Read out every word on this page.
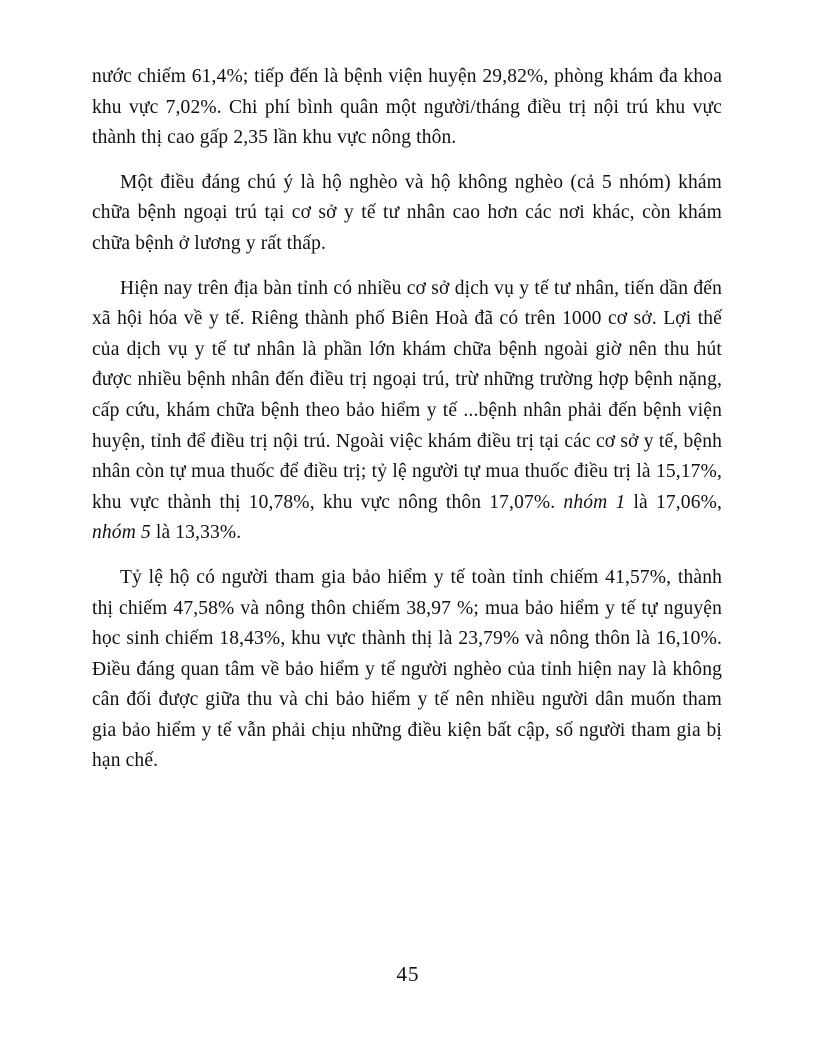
nước chiếm 61,4%; tiếp đến là bệnh viện huyện 29,82%, phòng khám đa khoa khu vực 7,02%. Chi phí bình quân một người/tháng điều trị nội trú khu vực thành thị cao gấp 2,35 lần khu vực nông thôn.

Một điều đáng chú ý là hộ nghèo và hộ không nghèo (cả 5 nhóm) khám chữa bệnh ngoại trú tại cơ sở y tế tư nhân cao hơn các nơi khác, còn khám chữa bệnh ở lương y rất thấp.

Hiện nay trên địa bàn tỉnh có nhiều cơ sở dịch vụ y tế tư nhân, tiến dần đến xã hội hóa về y tế. Riêng thành phố Biên Hoà đã có trên 1000 cơ sở. Lợi thế của dịch vụ y tế tư nhân là phần lớn khám chữa bệnh ngoài giờ nên thu hút được nhiều bệnh nhân đến điều trị ngoại trú, trừ những trường hợp bệnh nặng, cấp cứu, khám chữa bệnh theo bảo hiểm y tế ...bệnh nhân phải đến bệnh viện huyện, tỉnh để điều trị nội trú. Ngoài việc khám điều trị tại các cơ sở y tế, bệnh nhân còn tự mua thuốc để điều trị; tỷ lệ người tự mua thuốc điều trị là 15,17%, khu vực thành thị 10,78%, khu vực nông thôn 17,07%. nhóm 1 là 17,06%, nhóm 5 là 13,33%.

Tỷ lệ hộ có người tham gia bảo hiểm y tế toàn tỉnh chiếm 41,57%, thành thị chiếm 47,58% và nông thôn chiếm 38,97 %; mua bảo hiểm y tế tự nguyện học sinh chiếm 18,43%, khu vực thành thị là 23,79% và nông thôn là 16,10%. Điều đáng quan tâm về bảo hiểm y tế người nghèo của tỉnh hiện nay là không cân đối được giữa thu và chi bảo hiểm y tế nên nhiều người dân muốn tham gia bảo hiểm y tế vẫn phải chịu những điều kiện bất cập, số người tham gia bị hạn chế.

45
